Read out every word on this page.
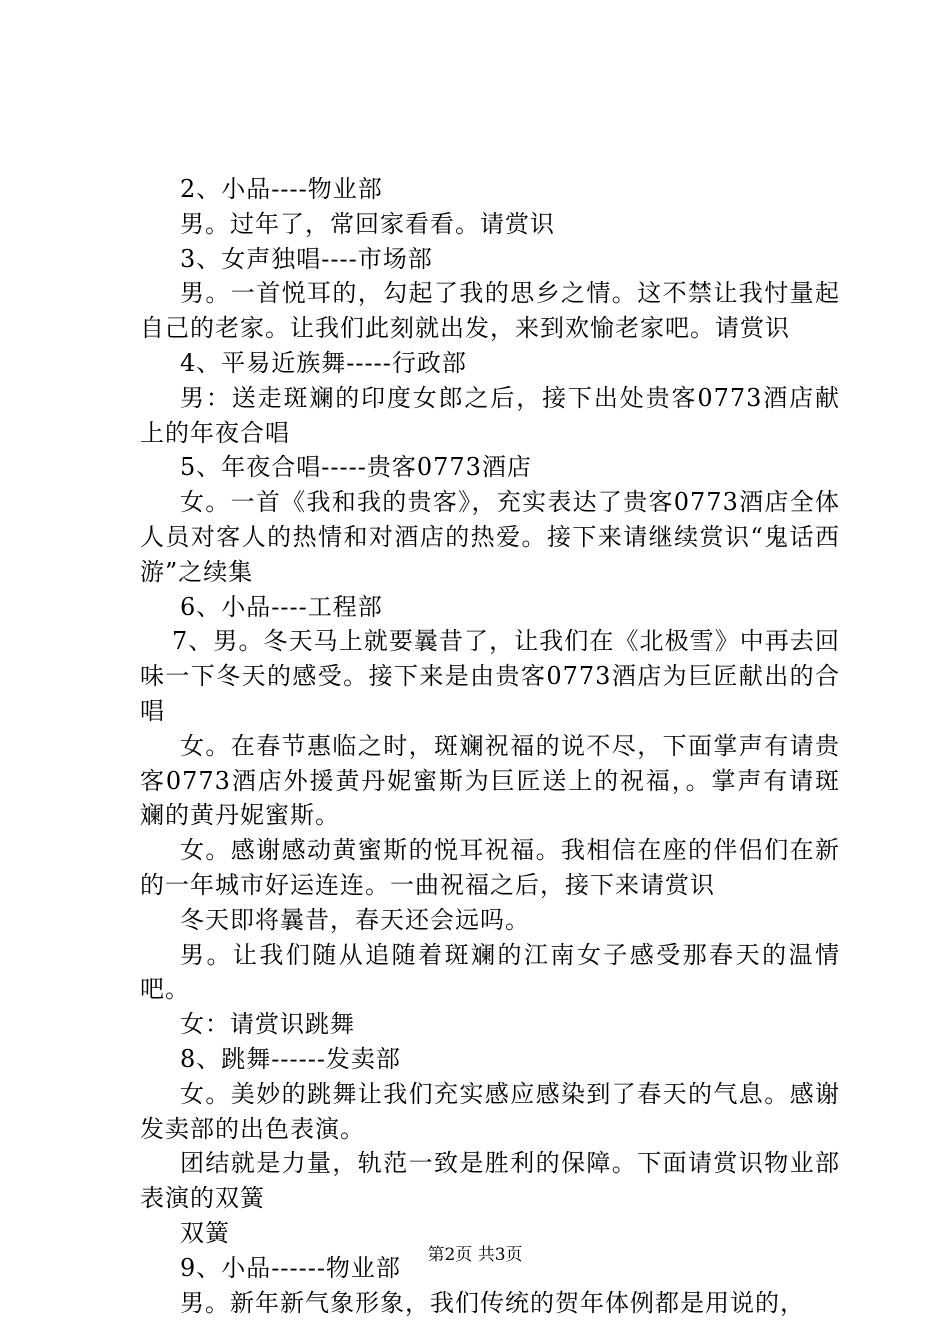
2、小品----物业部

男。过年了，常回家看看。请赏识

3、女声独唱----市场部

男。一首悦耳的，勾起了我的思乡之情。这不禁让我忖量起自己的老家。让我们此刻就出发，来到欢愉老家吧。请赏识

4、平易近族舞-----行政部

男：送走斑斓的印度女郎之后，接下出处贵客0773酒店献上的年夜合唱

5、年夜合唱-----贵客0773酒店

女。一首《我和我的贵客》，充实表达了贵客0773酒店全体人员对客人的热情和对酒店的热爱。接下来请继续赏识“鬼话西游”之续集

6、小品----工程部

7、男。冬天马上就要曩昔了，让我们在《北极雪》中再去回味一下冬天的感受。接下来是由贵客0773酒店为巨匠献出的合唱

女。在春节惠临之时，斑斓祝福的说不尽，下面掌声有请贵客0773酒店外援黄丹妮蜜斯为巨匠送上的祝福，。掌声有请斑斓的黄丹妮蜜斯。

女。感谢感动黄蜜斯的悦耳祝福。我相信在座的伴侣们在新的一年城市好运连连。一曲祝福之后，接下来请赏识

冬天即将曩昔，春天还会远吗。

男。让我们随从追随着斑斓的江南女子感受那春天的温情吧。

女：请赏识跳舞

8、跳舞------发卖部

女。美妙的跳舞让我们充实感应感染到了春天的气息。感谢发卖部的出色表演。

团结就是力量，轨范一致是胜利的保障。下面请赏识物业部表演的双簧

双簧

9、小品------物业部

男。新年新气象形象，我们传统的贺年体例都是用说的，

第2页 共3页
